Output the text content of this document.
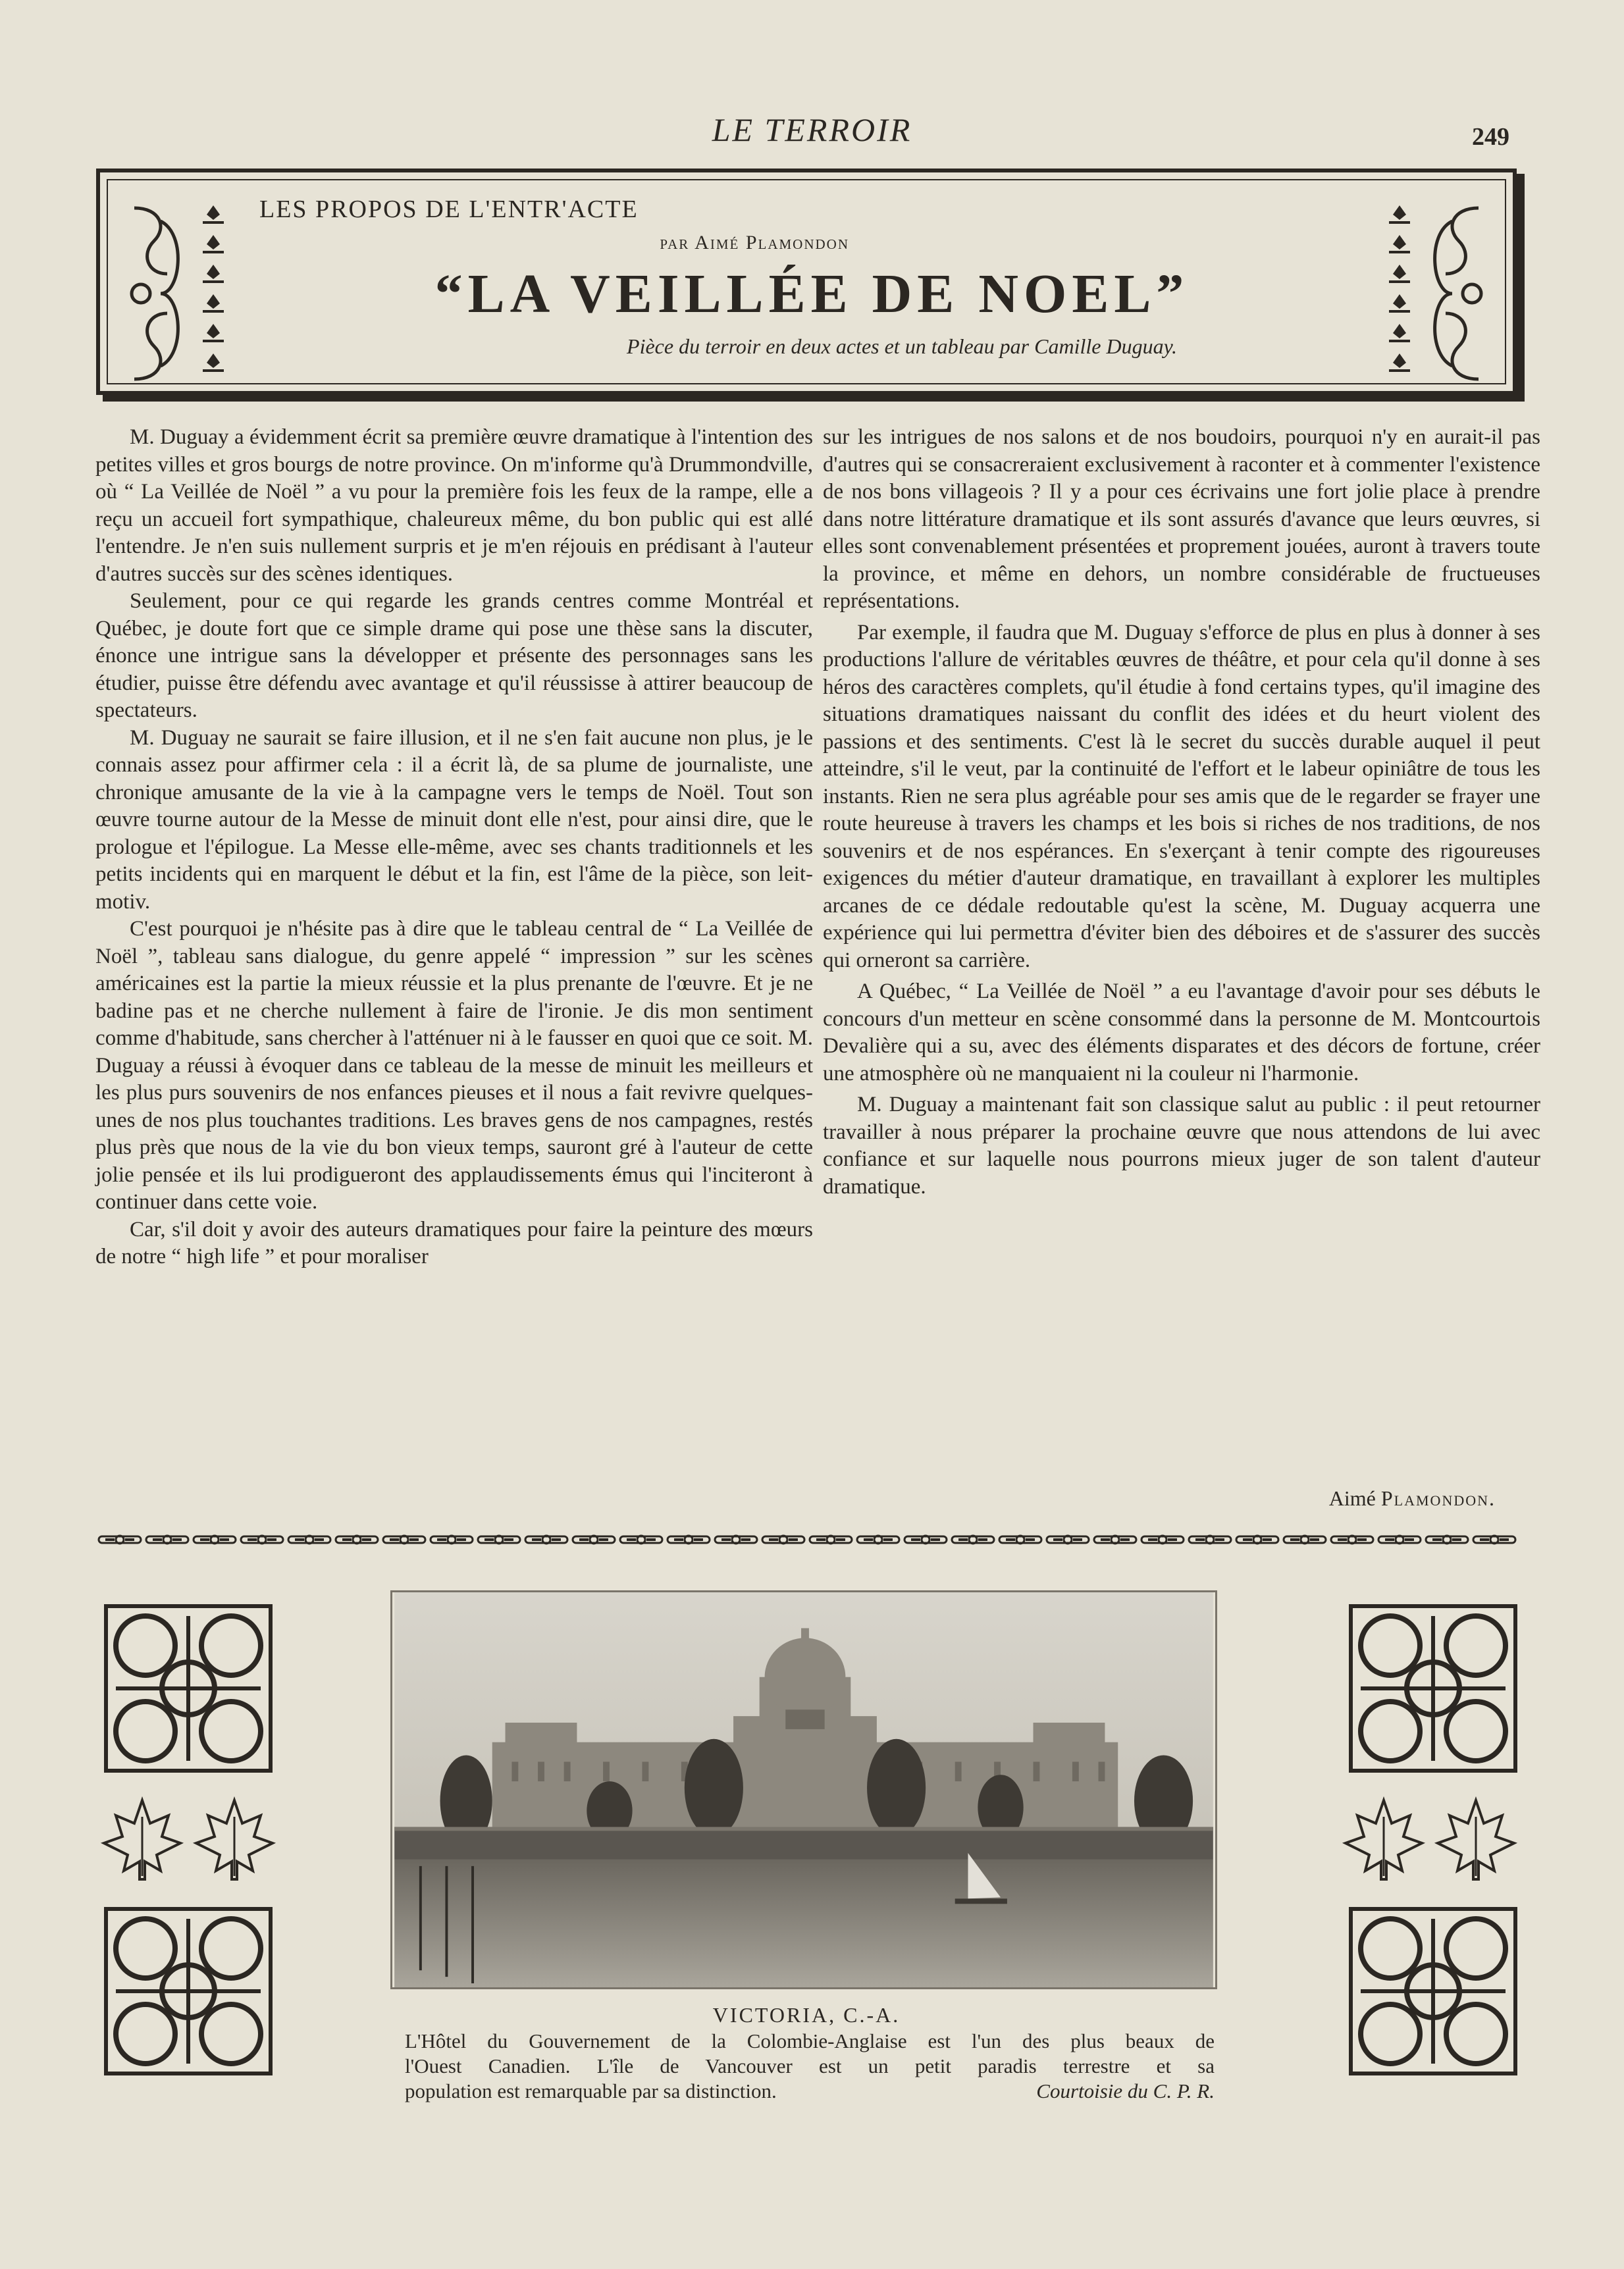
LE TERROIR	249
LES PROPOS DE L'ENTR'ACTE
par Aimé Plamondon
“LA VEILLÉE DE NOEL”
Pièce du terroir en deux actes et un tableau par Camille Duguay.

M. Duguay a évidemment écrit sa première œuvre dramatique à l'intention des petites villes et gros bourgs de notre province. On m'informe qu'à Drummondville, où “ La Veillée de Noël ” a vu pour la première fois les feux de la rampe, elle a reçu un accueil fort sympathique, chaleureux même, du bon public qui est allé l'entendre. Je n'en suis nullement surpris et je m'en réjouis en prédisant à l'auteur d'autres succès sur des scènes identiques.

Seulement, pour ce qui regarde les grands centres comme Montréal et Québec, je doute fort que ce simple drame qui pose une thèse sans la discuter, énonce une intrigue sans la développer et présente des personnages sans les étudier, puisse être défendu avec avantage et qu'il réussisse à attirer beaucoup de spectateurs.

M. Duguay ne saurait se faire illusion, et il ne s'en fait aucune non plus, je le connais assez pour affirmer cela : il a écrit là, de sa plume de journaliste, une chronique amusante de la vie à la campagne vers le temps de Noël. Tout son œuvre tourne autour de la Messe de minuit dont elle n'est, pour ainsi dire, que le prologue et l'épilogue. La Messe elle-même, avec ses chants traditionnels et les petits incidents qui en marquent le début et la fin, est l'âme de la pièce, son leit-motiv.

C'est pourquoi je n'hésite pas à dire que le tableau central de “ La Veillée de Noël ”, tableau sans dialogue, du genre appelé “ impression ” sur les scènes américaines est la partie la mieux réussie et la plus prenante de l'œuvre. Et je ne badine pas et ne cherche nullement à faire de l'ironie. Je dis mon sentiment comme d'habitude, sans chercher à l'atténuer ni à le fausser en quoi que ce soit. M. Duguay a réussi à évoquer dans ce tableau de la messe de minuit les meilleurs et les plus purs souvenirs de nos enfances pieuses et il nous a fait revivre quelques-unes de nos plus touchantes traditions. Les braves gens de nos campagnes, restés plus près que nous de la vie du bon vieux temps, sauront gré à l'auteur de cette jolie pensée et ils lui prodigueront des applaudissements émus qui l'inciteront à continuer dans cette voie.

Car, s'il doit y avoir des auteurs dramatiques pour faire la peinture des mœurs de notre “ high life ” et pour moraliser

sur les intrigues de nos salons et de nos boudoirs, pourquoi n'y en aurait-il pas d'autres qui se consacreraient exclusivement à raconter et à commenter l'existence de nos bons villageois ? Il y a pour ces écrivains une fort jolie place à prendre dans notre littérature dramatique et ils sont assurés d'avance que leurs œuvres, si elles sont convenablement présentées et proprement jouées, auront à travers toute la province, et même en dehors, un nombre considérable de fructueuses représentations.

Par exemple, il faudra que M. Duguay s'efforce de plus en plus à donner à ses productions l'allure de véritables œuvres de théâtre, et pour cela qu'il donne à ses héros des caractères complets, qu'il étudie à fond certains types, qu'il imagine des situations dramatiques naissant du conflit des idées et du heurt violent des passions et des sentiments. C'est là le secret du succès durable auquel il peut atteindre, s'il le veut, par la continuité de l'effort et le labeur opiniâtre de tous les instants. Rien ne sera plus agréable pour ses amis que de le regarder se frayer une route heureuse à travers les champs et les bois si riches de nos traditions, de nos souvenirs et de nos espérances. En s'exerçant à tenir compte des rigoureuses exigences du métier d'auteur dramatique, en travaillant à explorer les multiples arcanes de ce dédale redoutable qu'est la scène, M. Duguay acquerra une expérience qui lui permettra d'éviter bien des déboires et de s'assurer des succès qui orneront sa carrière.

A Québec, “ La Veillée de Noël ” a eu l'avantage d'avoir pour ses débuts le concours d'un metteur en scène consommé dans la personne de M. Montcourtois Devalière qui a su, avec des éléments disparates et des décors de fortune, créer une atmosphère où ne manquaient ni la couleur ni l'harmonie.

M. Duguay a maintenant fait son classique salut au public : il peut retourner travailler à nous préparer la prochaine œuvre que nous attendons de lui avec confiance et sur laquelle nous pourrons mieux juger de son talent d'auteur dramatique.

Aimé Plamondon.
VICTORIA, C.-A.
L'Hôtel du Gouvernement de la Colombie-Anglaise est l'un des plus beaux de
l'Ouest Canadien. L'île de Vancouver est un petit paradis terrestre et sa
population est remarquable par sa distinction.	Courtoisie du C. P. R.
